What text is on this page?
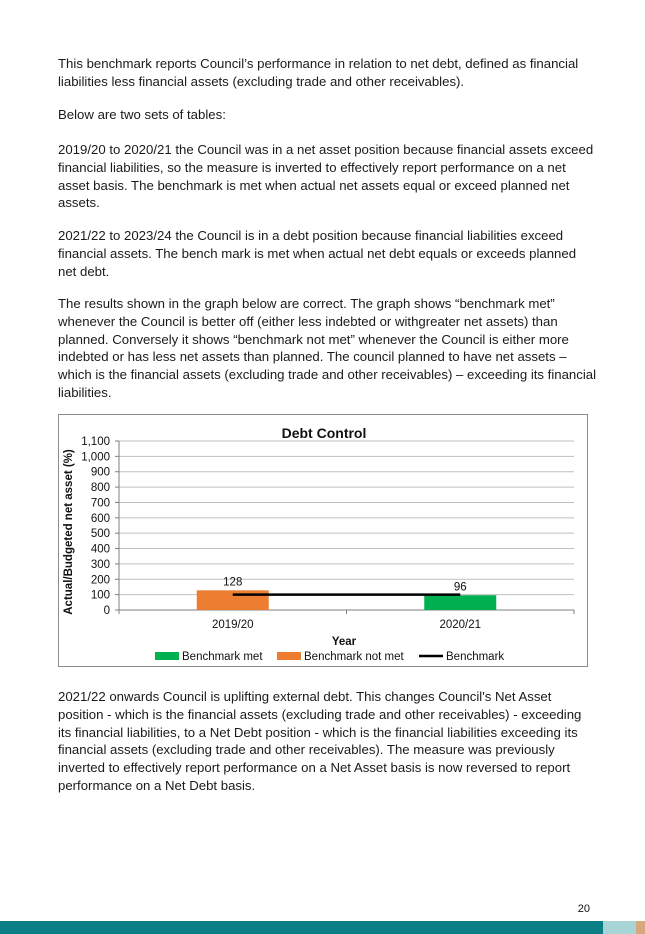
This benchmark reports Council’s performance in relation to net debt, defined as financial liabilities less financial assets (excluding trade and other receivables).

Below are two sets of tables:

2019/20 to 2020/21 the Council was in a net asset position because financial assets exceed financial liabilities, so the measure is inverted to effectively report performance on a net asset basis. The benchmark is met when actual net assets equal or exceed planned net assets.

2021/22 to 2023/24 the Council is in a debt position because financial liabilities exceed financial assets. The bench mark is met when actual net debt equals or exceeds planned net debt.

The results shown in the graph below are correct. The graph shows “benchmark met” whenever the Council is better off (either less indebted or withgreater net assets) than planned. Conversely it shows “benchmark not met” whenever the Council is either more indebted or has less net assets than planned. The council planned to have net assets – which is the financial assets (excluding trade and other receivables) – exceeding its financial liabilities.

Debt Control
0
100
200
300
400
500
600
700
800
900
1,000
1,100
128	96
2019/20	2020/21
Actual/Budgeted net asset (%)
Year
Benchmark met	Benchmark not met	Benchmark

2021/22 onwards Council is uplifting external debt. This changes Council's Net Asset position - which is the financial assets (excluding trade and other receivables) - exceeding its financial liabilities, to a Net Debt position - which is the financial liabilities exceeding its financial assets (excluding trade and other receivables). The measure was previously inverted to effectively report performance on a Net Asset basis is now reversed to report performance on a Net Debt basis.

20
